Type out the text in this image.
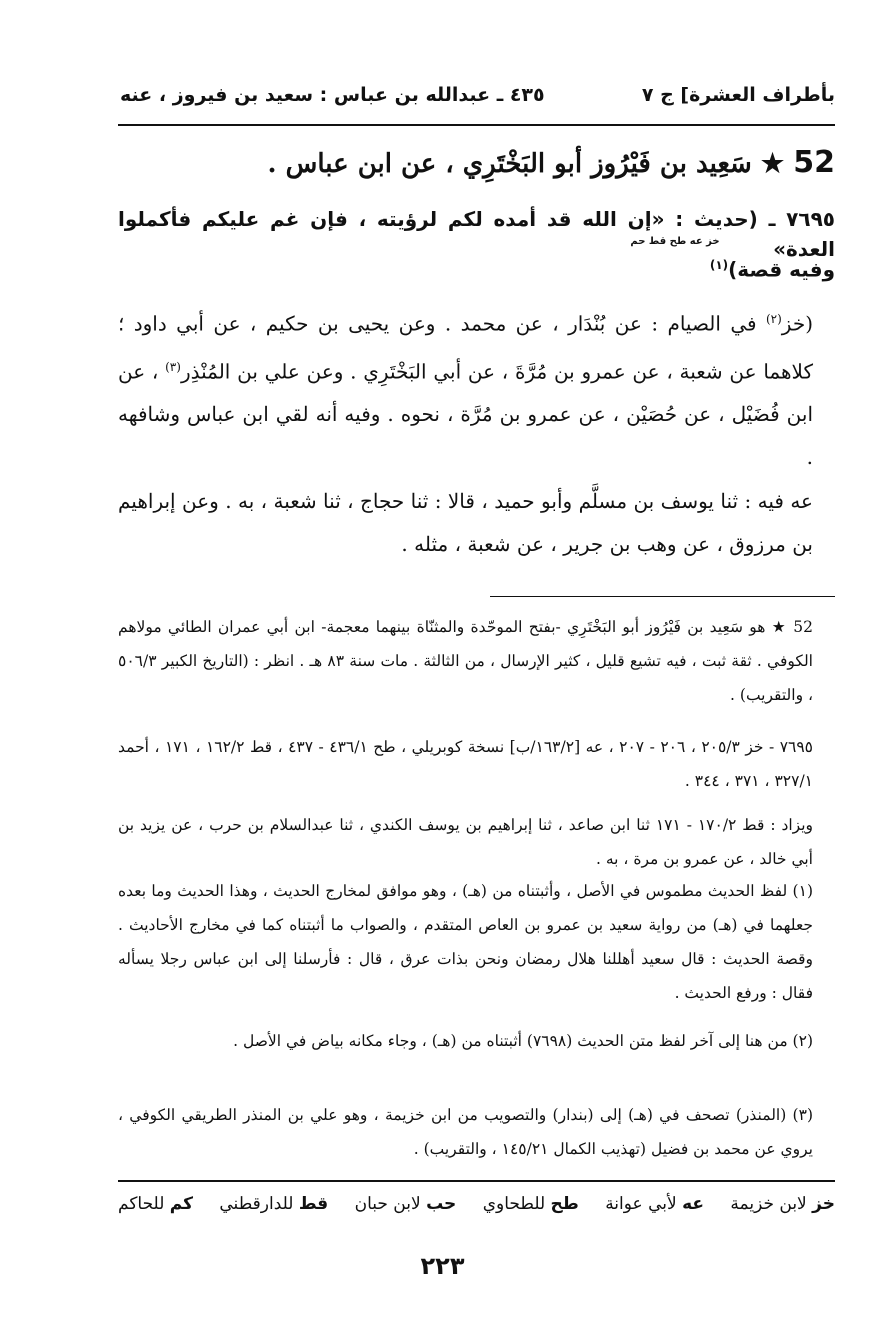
بأطراف العشرة] ج ٧
٤٣٥ ـ عبدالله بن عباس : سعيد بن فيروز ، عنه
52 ★ سَعِيد بن فَيْرُوز أبو البَخْتَرِي ، عن ابن عباس .
٧٦٩٥ ـ (حديث : «إن الله قد أمده لكم لرؤيته ، فإن غم عليكم فأكملوا العدة»
خز عه طح قط حم
وفيه قصة)$^{(١)}$
(خز$^{(٢)}$ في الصيام : عن بُنْدَار ، عن محمد . وعن يحيى بن حكيم ، عن أبي داود ؛ كلاهما عن شعبة ، عن عمرو بن مُرَّةَ ، عن أبي البَخْتَرِي . وعن علي بن المُنْذِر$^{(٣)}$ ، عن ابن فُضَيْل ، عن حُصَيْن ، عن عمرو بن مُرَّة ، نحوه . وفيه أنه لقي ابن عباس وشافهه .
عه فيه : ثنا يوسف بن مسلَّم وأبو حميد ، قالا : ثنا حجاج ، ثنا شعبة ، به . وعن إبراهيم بن مرزوق ، عن وهب بن جرير ، عن شعبة ، مثله .
52 ★ هو سَعِيد بن فَيْرُوز أبو البَخْتَرِي -بفتح الموحّدة والمثنّاة بينهما معجمة- ابن أبي عمران الطائي مولاهم الكوفي . ثقة ثبت ، فيه تشيع قليل ، كثير الإرسال ، من الثالثة . مات سنة ٨٣ هـ . انظر : (التاريخ الكبير ٥٠٦/٣ ، والتقريب) .
٧٦٩٥ - خز ٢٠٥/٣ ، ٢٠٦ - ٢٠٧ ، عه [١٦٣/٢/ب] نسخة كوبريلي ، طح ٤٣٦/١ - ٤٣٧ ، قط ١٦٢/٢ ، ١٧١ ، أحمد ٣٢٧/١ ، ٣٧١ ، ٣٤٤ .
ويزاد : قط ١٧٠/٢ - ١٧١ ثنا ابن صاعد ، ثنا إبراهيم بن يوسف الكندي ، ثنا عبدالسلام بن حرب ، عن يزيد بن أبي خالد ، عن عمرو بن مرة ، به .
(١) لفظ الحديث مطموس في الأصل ، وأثبتناه من (هـ) ، وهو موافق لمخارج الحديث ، وهذا الحديث وما بعده جعلهما في (هـ) من رواية سعيد بن عمرو بن العاص المتقدم ، والصواب ما أثبتناه كما في مخارج الأحاديث . وقصة الحديث : قال سعيد أهللنا هلال رمضان ونحن بذات عرق ، قال : فأرسلنا إلى ابن عباس رجلا يسأله فقال : ورفع الحديث .
(٢) من هنا إلى آخر لفظ متن الحديث (٧٦٩٨) أثبتناه من (هـ) ، وجاء مكانه بياض في الأصل .
(٣) (المنذر) تصحف في (هـ) إلى (بندار) والتصويب من ابن خزيمة ، وهو علي بن المنذر الطريقي الكوفي ، يروي عن محمد بن فضيل (تهذيب الكمال ١٤٥/٢١ ، والتقريب) .
خز لابن خزيمة
عه لأبي عوانة
طح للطحاوي
حب لابن حبان
قط للدارقطني
كم للحاكم
٢٢٣
